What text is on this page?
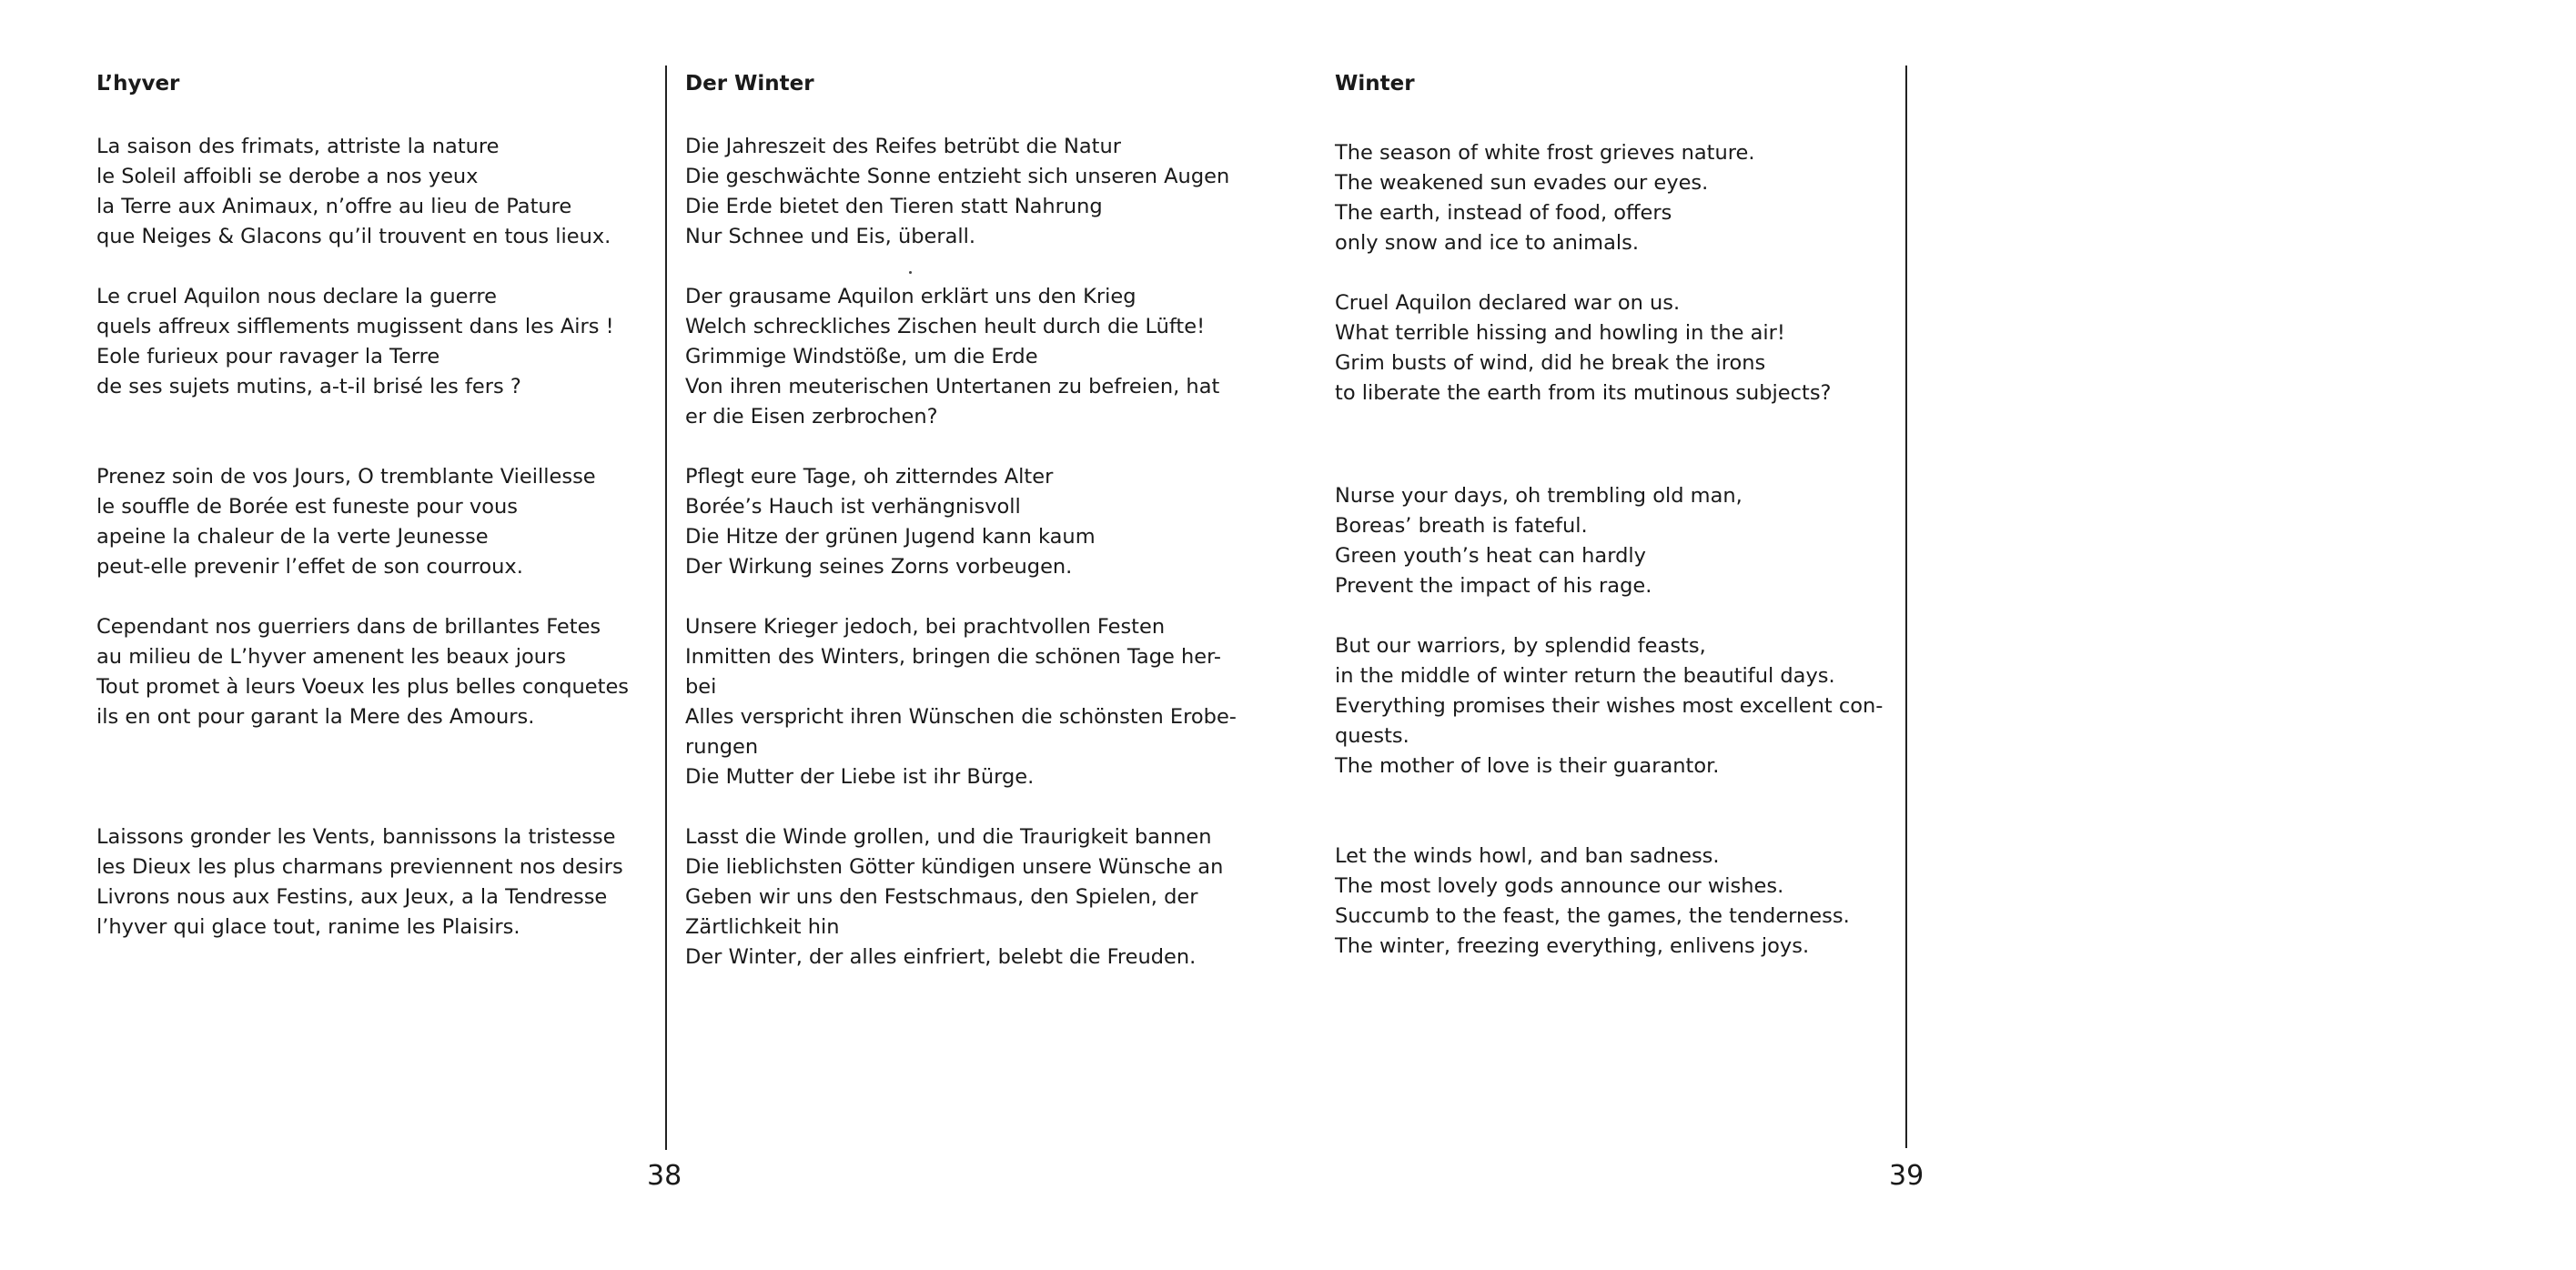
L’hyver
La saison des frimats, attriste la nature
le Soleil affoibli se derobe a nos yeux
la Terre aux Animaux, n’offre au lieu de Pature
que Neiges & Glacons qu’il trouvent en tous lieux.
Le cruel Aquilon nous declare la guerre
quels affreux sifflements mugissent dans les Airs !
Eole furieux pour ravager la Terre
de ses sujets mutins, a-t-il brisé les fers ?
Prenez soin de vos Jours, O tremblante Vieillesse
le souffle de Borée est funeste pour vous
apeine la chaleur de la verte Jeunesse
peut-elle prevenir l’effet de son courroux.
Cependant nos guerriers dans de brillantes Fetes
au milieu de L’hyver amenent les beaux jours
Tout promet à leurs Voeux les plus belles conquetes
ils en ont pour garant la Mere des Amours.
Laissons gronder les Vents, bannissons la tristesse
les Dieux les plus charmans previennent nos desirs
Livrons nous aux Festins, aux Jeux, a la Tendresse
l’hyver qui glace tout, ranime les Plaisirs.
Der Winter
Die Jahreszeit des Reifes betrübt die Natur
Die geschwächte Sonne entzieht sich unseren Augen
Die Erde bietet den Tieren statt Nahrung
Nur Schnee und Eis, überall.
Der grausame Aquilon erklärt uns den Krieg
Welch schreckliches Zischen heult durch die Lüfte!
Grimmige Windstößе, um die Erde
Von ihren meuterischen Untertanen zu befreien, hat
er die Eisen zerbrochen?
Pflegt eure Tage, oh zitterndes Alter
Borée’s Hauch ist verhängnisvoll
Die Hitze der grünen Jugend kann kaum
Der Wirkung seines Zorns vorbeugen.
Unsere Krieger jedoch, bei prachtvollen Festen
Inmitten des Winters, bringen die schönen Tage her-
bei
Alles verspricht ihren Wünschen die schönsten Erobe-
rungen
Die Mutter der Liebe ist ihr Bürge.
Lasst die Winde grollen, und die Traurigkeit bannen
Die lieblichsten Götter kündigen unsere Wünsche an
Geben wir uns den Festschmaus, den Spielen, der
Zärtlichkeit hin
Der Winter, der alles einfriert, belebt die Freuden.
Winter
The season of white frost grieves nature.
The weakened sun evades our eyes.
The earth, instead of food, offers
only snow and ice to animals.
Cruel Aquilon declared war on us.
What terrible hissing and howling in the air!
Grim busts of wind, did he break the irons
to liberate the earth from its mutinous subjects?
Nurse your days, oh trembling old man,
Boreas’ breath is fateful.
Green youth’s heat can hardly
Prevent the impact of his rage.
But our warriors, by splendid feasts,
in the middle of winter return the beautiful days.
Everything promises their wishes most excellent con-
quests.
The mother of love is their guarantor.
Let the winds howl, and ban sadness.
The most lovely gods announce our wishes.
Succumb to the feast, the games, the tenderness.
The winter, freezing everything, enlivens joys.
38	39
